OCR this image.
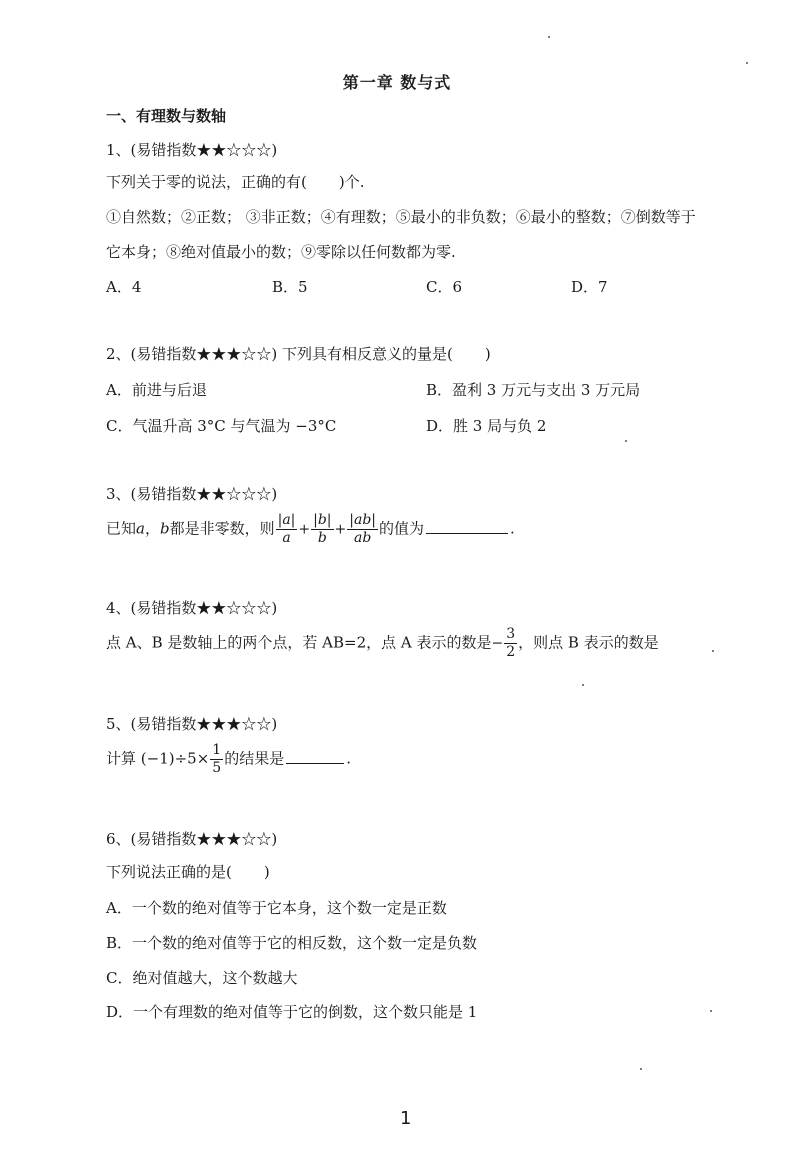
第一章 数与式
一、有理数与数轴
1、(易错指数★★☆☆☆)
下列关于零的说法，正确的有( )个.
①自然数；②正数； ③非正数；④有理数；⑤最小的非负数；⑥最小的整数；⑦倒数等于
它本身；⑧绝对值最小的数；⑨零除以任何数都为零.
A．4	B．5	C．6	D．7
2、(易错指数★★★☆☆) 下列具有相反意义的量是( )
A．前进与后退	B．盈利 3 万元与支出 3 万元局
C．气温升高 3°C 与气温为 −3°C	D．胜 3 局与负 2
3、(易错指数★★☆☆☆)
已知a，b都是非零数，则 $\frac{|a|}{a} + \frac{|b|}{b} + \frac{|ab|}{ab}$ 的值为	.
4、(易错指数★★☆☆☆)
点 A、B 是数轴上的两个点，若 AB=2，点 A 表示的数是− $\frac{3}{2}$ ，则点 B 表示的数是
5、(易错指数★★★☆☆)
计算 $(-1)\div 5\times \frac{1}{5}$ 的结果是	.
6、(易错指数★★★☆☆)
下列说法正确的是( )
A．一个数的绝对值等于它本身，这个数一定是正数
B．一个数的绝对值等于它的相反数，这个数一定是负数
C．绝对值越大，这个数越大
D．一个有理数的绝对值等于它的倒数，这个数只能是 1
1
